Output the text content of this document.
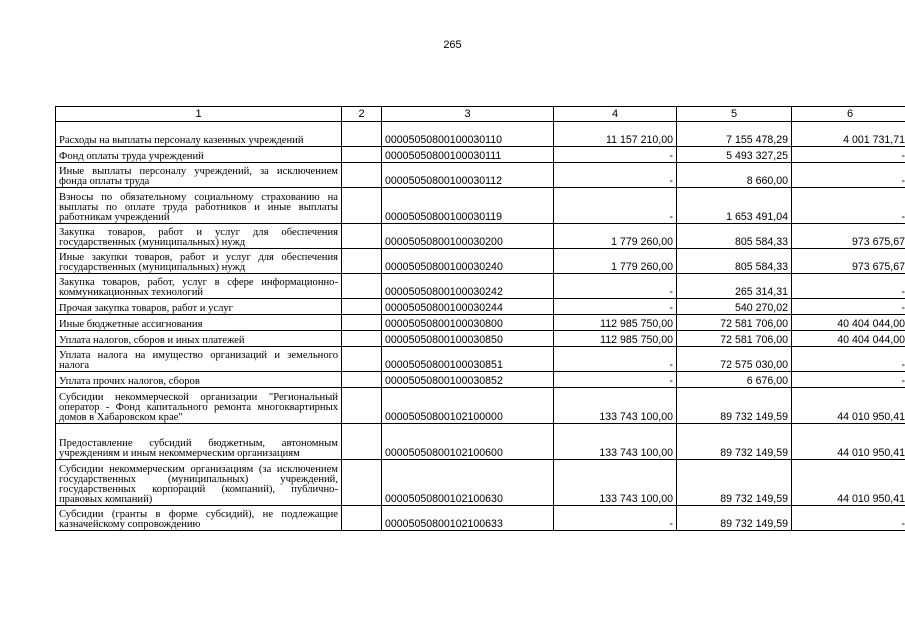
265
1	2	3	4	5	6
Расходы на выплаты персоналу казенных учреждений		00005050800100030110	11 157 210,00	7 155 478,29	4 001 731,71
Фонд оплаты труда учреждений		00005050800100030111	-	5 493 327,25	-
Иные выплаты персоналу учреждений, за исключением фонда оплаты труда		00005050800100030112	-	8 660,00	-
Взносы по обязательному социальному страхованию на выплаты по оплате труда работников и иные выплаты работникам учреждений		00005050800100030119	-	1 653 491,04	-
Закупка товаров, работ и услуг для обеспечения государственных (муниципальных) нужд		00005050800100030200	1 779 260,00	805 584,33	973 675,67
Иные закупки товаров, работ и услуг для обеспечения государственных (муниципальных) нужд		00005050800100030240	1 779 260,00	805 584,33	973 675,67
Закупка товаров, работ, услуг в сфере информационно-коммуникационных технологий		00005050800100030242	-	265 314,31	-
Прочая закупка товаров, работ и услуг		00005050800100030244	-	540 270,02	-
Иные бюджетные ассигнования		00005050800100030800	112 985 750,00	72 581 706,00	40 404 044,00
Уплата налогов, сборов и иных платежей		00005050800100030850	112 985 750,00	72 581 706,00	40 404 044,00
Уплата налога на имущество организаций и земельного налога		00005050800100030851	-	72 575 030,00	-
Уплата прочих налогов, сборов		00005050800100030852	-	6 676,00	-
Субсидии некоммерческой организации "Региональный оператор - Фонд капитального ремонта многоквартирных домов в Хабаровском крае"		00005050800102100000	133 743 100,00	89 732 149,59	44 010 950,41
Предоставление субсидий бюджетным, автономным учреждениям и иным некоммерческим организациям		00005050800102100600	133 743 100,00	89 732 149,59	44 010 950,41
Субсидии некоммерческим организациям (за исключением государственных (муниципальных) учреждений, государственных корпораций (компаний), публично-правовых компаний)		00005050800102100630	133 743 100,00	89 732 149,59	44 010 950,41
Субсидии (гранты в форме субсидий), не подлежащие казначейскому сопровождению		00005050800102100633	-	89 732 149,59	-
